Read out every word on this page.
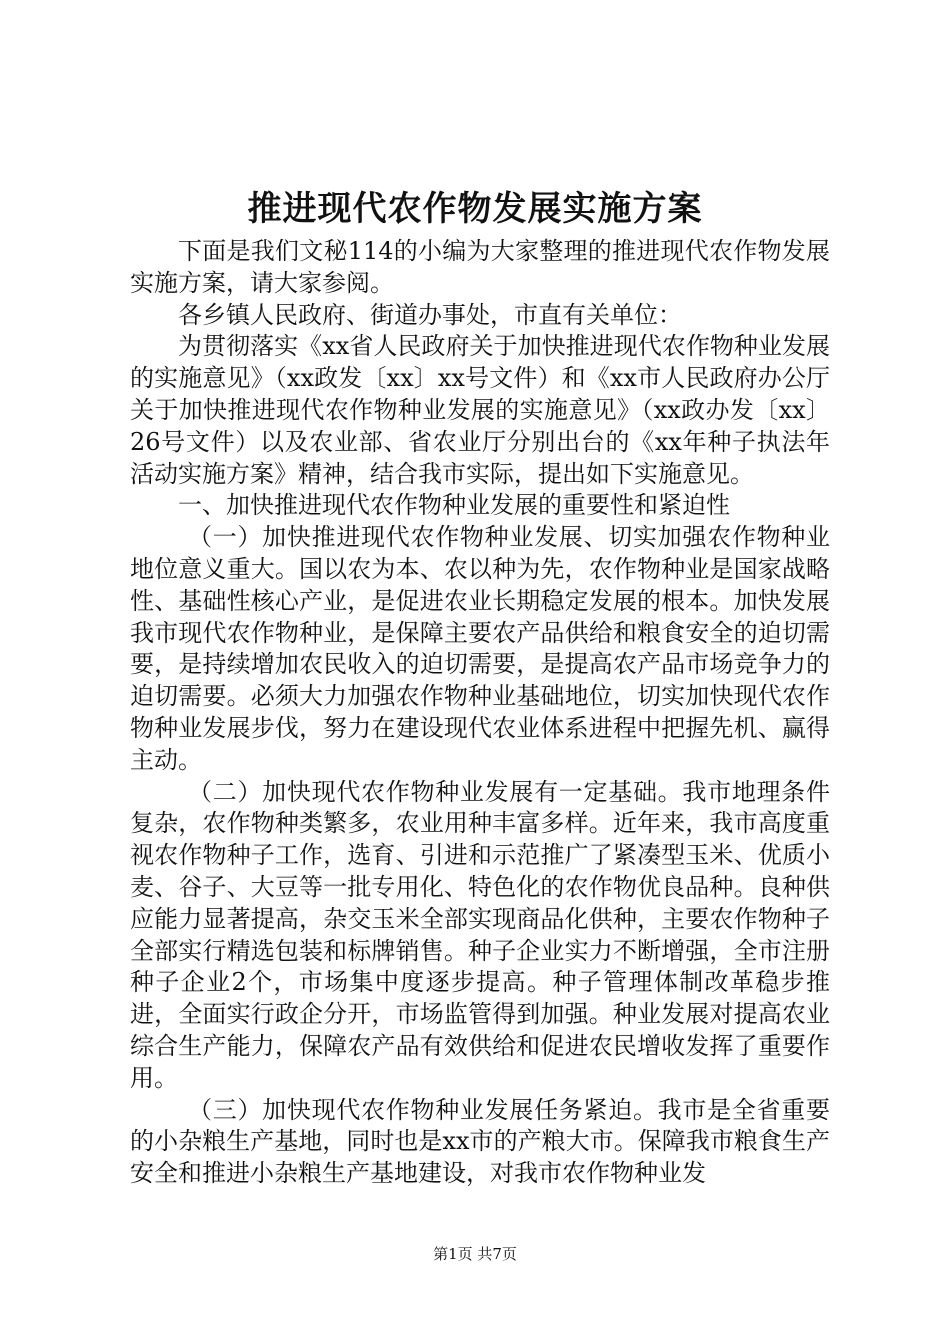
推进现代农作物发展实施方案

下面是我们文秘114的小编为大家整理的推进现代农作物发展实施方案，请大家参阅。

各乡镇人民政府、街道办事处，市直有关单位：

为贯彻落实《xx省人民政府关于加快推进现代农作物种业发展的实施意见》（xx政发〔xx〕xx号文件）和《xx市人民政府办公厅关于加快推进现代农作物种业发展的实施意见》（xx政办发〔xx〕26号文件）以及农业部、省农业厅分别出台的《xx年种子执法年活动实施方案》精神，结合我市实际，提出如下实施意见。

一、加快推进现代农作物种业发展的重要性和紧迫性

（一）加快推进现代农作物种业发展、切实加强农作物种业地位意义重大。国以农为本、农以种为先，农作物种业是国家战略性、基础性核心产业，是促进农业长期稳定发展的根本。加快发展我市现代农作物种业，是保障主要农产品供给和粮食安全的迫切需要，是持续增加农民收入的迫切需要，是提高农产品市场竞争力的迫切需要。必须大力加强农作物种业基础地位，切实加快现代农作物种业发展步伐，努力在建设现代农业体系进程中把握先机、赢得主动。

（二）加快现代农作物种业发展有一定基础。我市地理条件复杂，农作物种类繁多，农业用种丰富多样。近年来，我市高度重视农作物种子工作，选育、引进和示范推广了紧凑型玉米、优质小麦、谷子、大豆等一批专用化、特色化的农作物优良品种。良种供应能力显著提高，杂交玉米全部实现商品化供种，主要农作物种子全部实行精选包装和标牌销售。种子企业实力不断增强，全市注册种子企业2个，市场集中度逐步提高。种子管理体制改革稳步推进，全面实行政企分开，市场监管得到加强。种业发展对提高农业综合生产能力，保障农产品有效供给和促进农民增收发挥了重要作用。

（三）加快现代农作物种业发展任务紧迫。我市是全省重要的小杂粮生产基地，同时也是xx市的产粮大市。保障我市粮食生产安全和推进小杂粮生产基地建设，对我市农作物种业发

第1页 共7页
